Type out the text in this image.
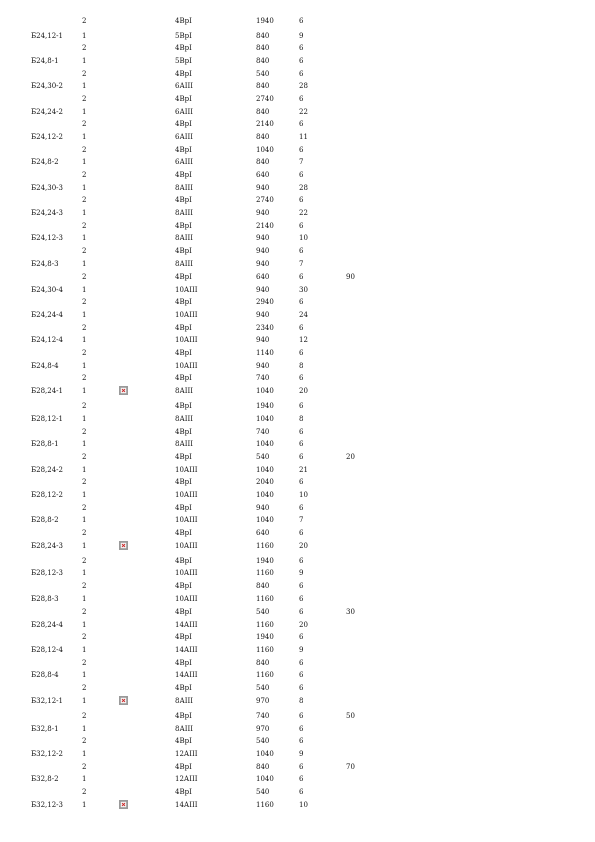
2	4ВрI	1940	6
Б24,12-1	1	5ВрI	840	9
2	4ВрI	840	6
Б24,8-1	1	5ВрI	840	6
2	4ВрI	540	6
Б24,30-2	1	6АIII	840	28
2	4ВрI	2740	6
Б24,24-2	1	6АIII	840	22
2	4ВрI	2140	6
Б24,12-2	1	6АIII	840	11
2	4ВрI	1040	6
Б24,8-2	1	6АIII	840	7
2	4ВрI	640	6
Б24,30-3	1	8АIII	940	28
2	4ВрI	2740	6
Б24,24-3	1	8АIII	940	22
2	4ВрI	2140	6
Б24,12-3	1	8АIII	940	10
2	4ВрI	940	6
Б24,8-3	1	8АIII	940	7
2	4ВрI	640	6	90
Б24,30-4	1	10АIII	940	30
2	4ВрI	2940	6
Б24,24-4	1	10АIII	940	24
2	4ВрI	2340	6
Б24,12-4	1	10АIII	940	12
2	4ВрI	1140	6
Б24,8-4	1	10АIII	940	8
2	4ВрI	740	6
Б28,24-1	1	8АIII	1040	20
2	4ВрI	1940	6
Б28,12-1	1	8АIII	1040	8
2	4ВрI	740	6
Б28,8-1	1	8АIII	1040	6
2	4ВрI	540	6	20
Б28,24-2	1	10АIII	1040	21
2	4ВрI	2040	6
Б28,12-2	1	10АIII	1040	10
2	4ВрI	940	6
Б28,8-2	1	10АIII	1040	7
2	4ВрI	640	6
Б28,24-3	1	10АIII	1160	20
2	4ВрI	1940	6
Б28,12-3	1	10АIII	1160	9
2	4ВрI	840	6
Б28,8-3	1	10АIII	1160	6
2	4ВрI	540	6	30
Б28,24-4	1	14АIII	1160	20
2	4ВрI	1940	6
Б28,12-4	1	14АIII	1160	9
2	4ВрI	840	6
Б28,8-4	1	14АIII	1160	6
2	4ВрI	540	6
Б32,12-1	1	8АIII	970	8
2	4ВрI	740	6	50
Б32,8-1	1	8АIII	970	6
2	4ВрI	540	6
Б32,12-2	1	12АIII	1040	9
2	4ВрI	840	6	70
Б32,8-2	1	12АIII	1040	6
2	4ВрI	540	6
Б32,12-3	1	14АIII	1160	10
